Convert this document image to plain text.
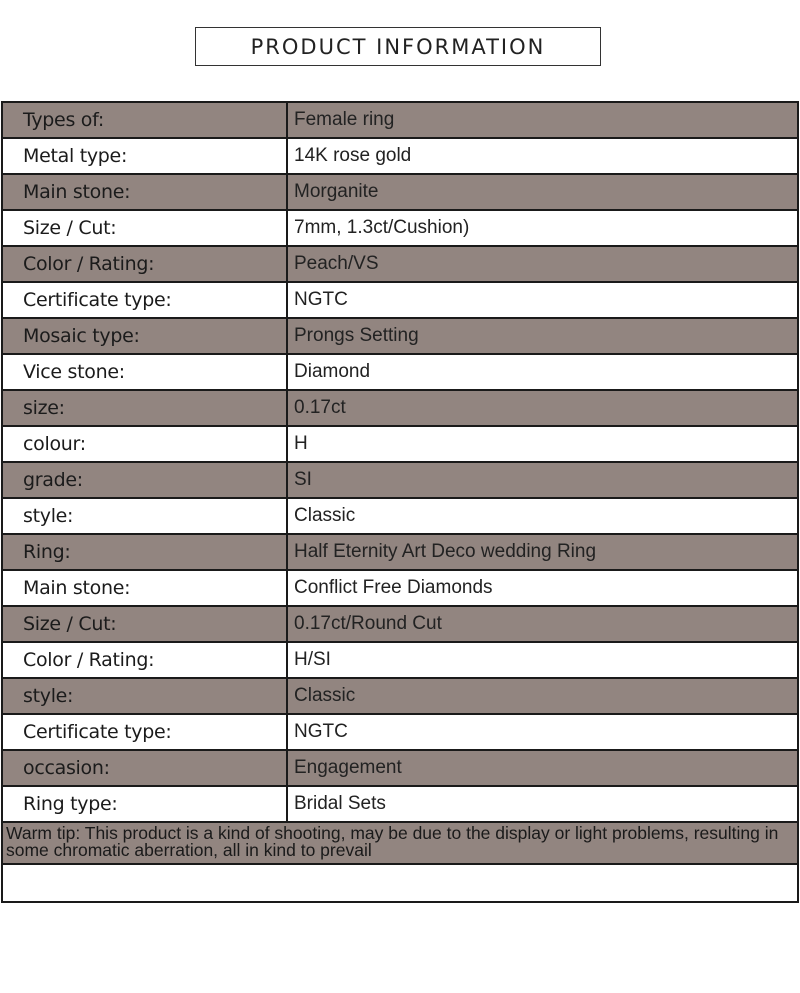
PRODUCT INFORMATION
Types of:	Female ring
Metal type:	14K rose gold
Main stone:	Morganite
Size / Cut:	7mm, 1.3ct/Cushion)
Color / Rating:	Peach/VS
Certificate type:	NGTC
Mosaic type:	Prongs Setting
Vice stone:	Diamond
size:	0.17ct
colour:	H
grade:	SI
style:	Classic
Ring:	Half Eternity Art Deco wedding Ring
Main stone:	Conflict Free Diamonds
Size / Cut:	0.17ct/Round Cut
Color / Rating:	H/SI
style:	Classic
Certificate type:	NGTC
occasion:	Engagement
Ring type:	Bridal Sets
Warm tip: This product is a kind of shooting, may be due to the display or light problems, resulting in some chromatic aberration, all in kind to prevail	
